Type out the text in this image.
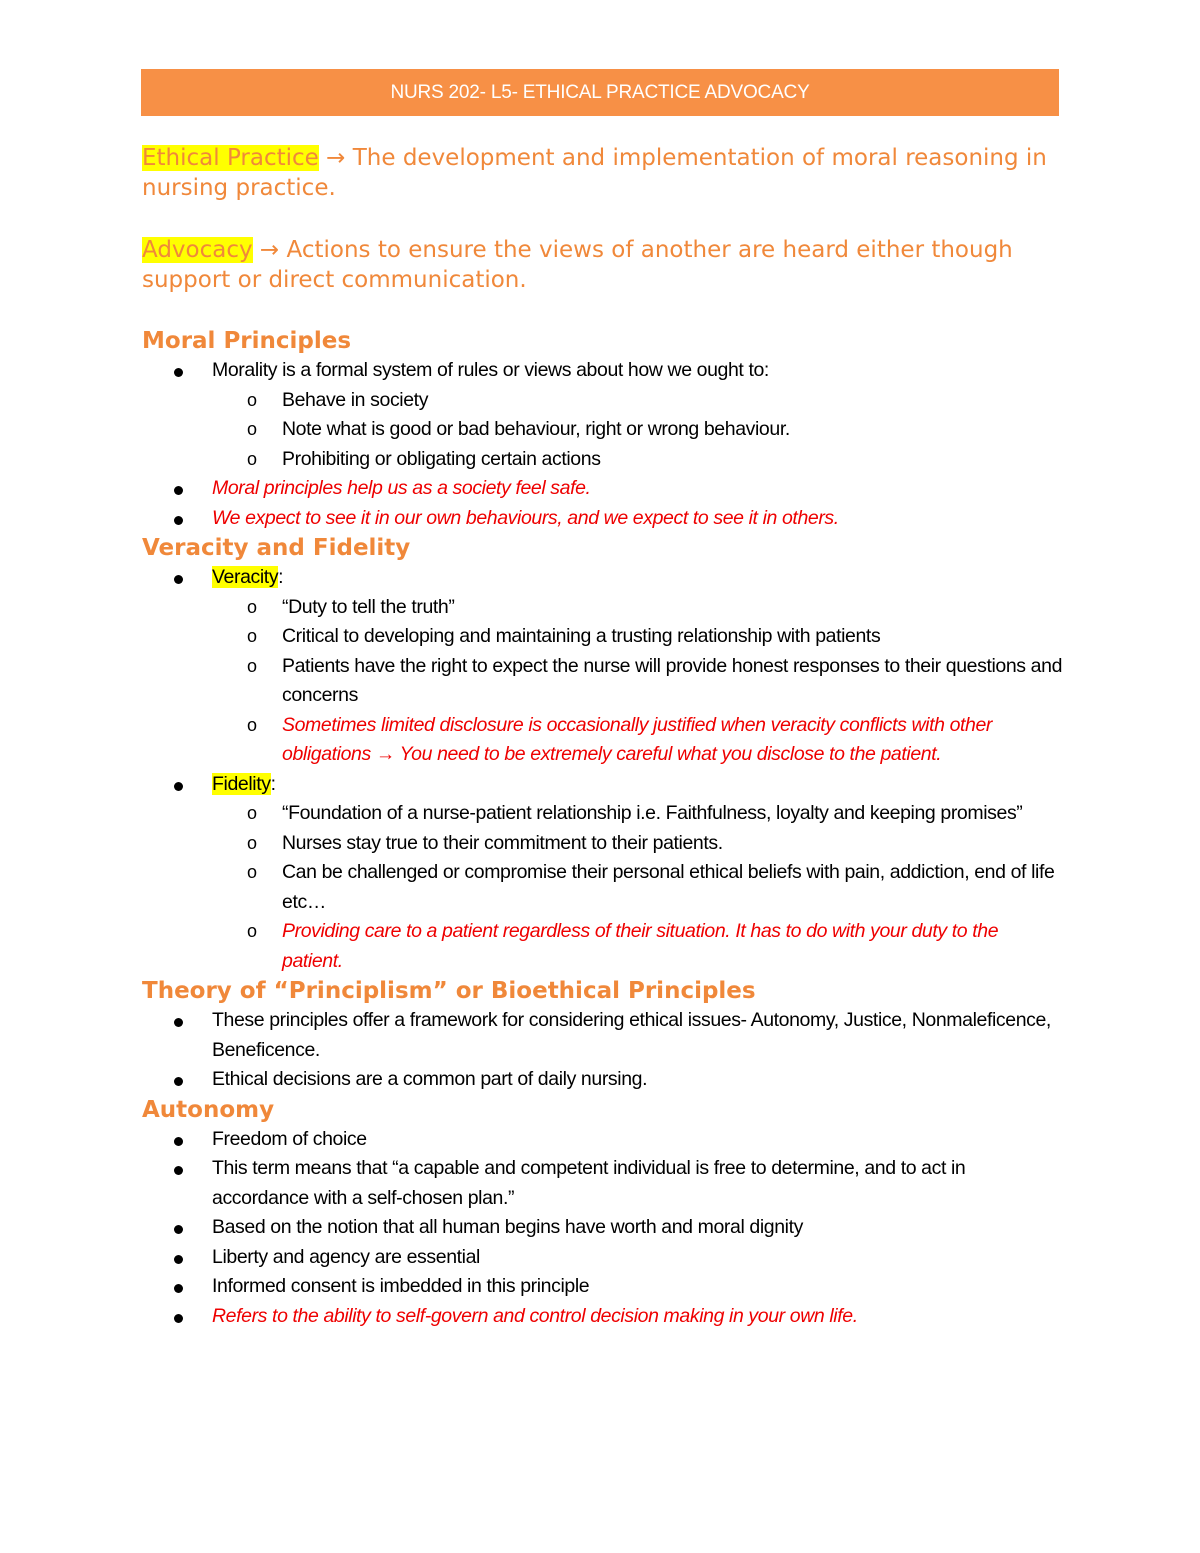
NURS 202- L5- ETHICAL PRACTICE ADVOCACY

Ethical Practice → The development and implementation of moral reasoning in nursing practice.

Advocacy → Actions to ensure the views of another are heard either though support or direct communication.

Moral Principles
Morality is a formal system of rules or views about how we ought to:
o Behave in society
o Note what is good or bad behaviour, right or wrong behaviour.
o Prohibiting or obligating certain actions
Moral principles help us as a society feel safe.
We expect to see it in our own behaviours, and we expect to see it in others.
Veracity and Fidelity
Veracity:
o “Duty to tell the truth”
o Critical to developing and maintaining a trusting relationship with patients
o Patients have the right to expect the nurse will provide honest responses to their questions and concerns
o Sometimes limited disclosure is occasionally justified when veracity conflicts with other obligations → You need to be extremely careful what you disclose to the patient.
Fidelity:
o “Foundation of a nurse-patient relationship i.e. Faithfulness, loyalty and keeping promises”
o Nurses stay true to their commitment to their patients.
o Can be challenged or compromise their personal ethical beliefs with pain, addiction, end of life etc…
o Providing care to a patient regardless of their situation. It has to do with your duty to the patient.
Theory of “Principlism” or Bioethical Principles
These principles offer a framework for considering ethical issues- Autonomy, Justice, Nonmaleficence, Beneficence.
Ethical decisions are a common part of daily nursing.
Autonomy
Freedom of choice
This term means that “a capable and competent individual is free to determine, and to act in accordance with a self-chosen plan.”
Based on the notion that all human begins have worth and moral dignity
Liberty and agency are essential
Informed consent is imbedded in this principle
Refers to the ability to self-govern and control decision making in your own life.
